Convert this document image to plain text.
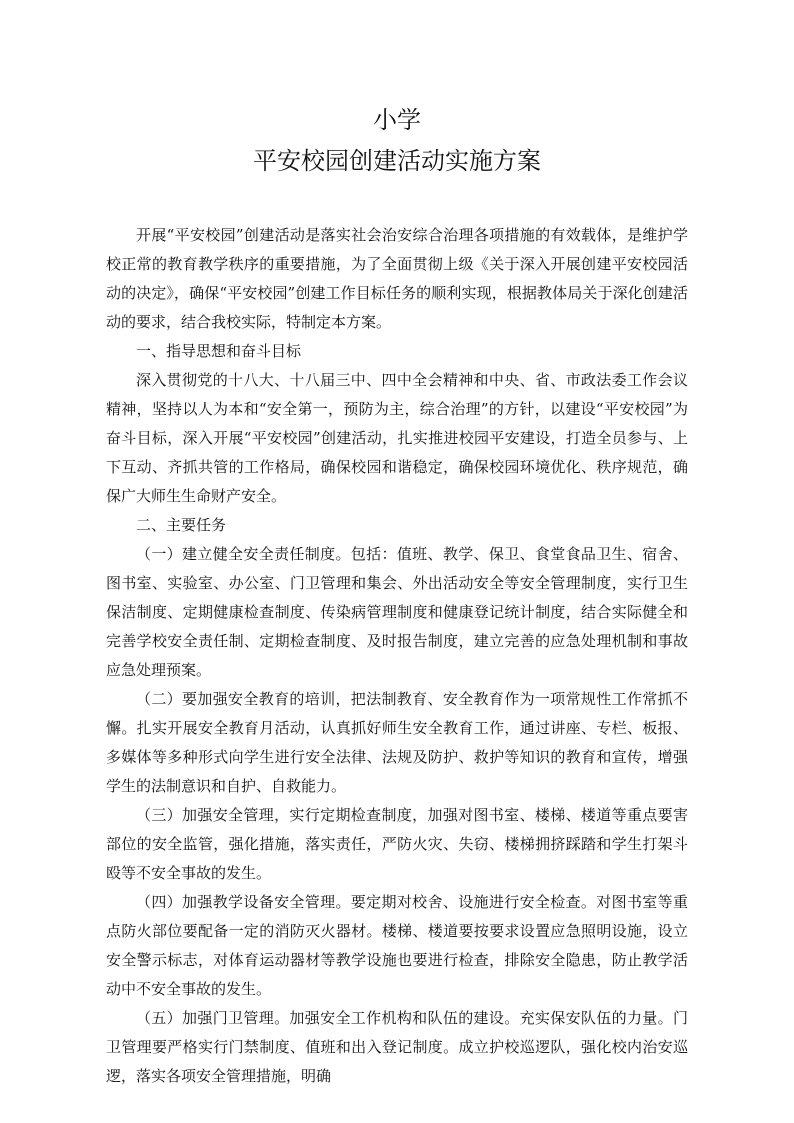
小学
平安校园创建活动实施方案

开展“平安校园”创建活动是落实社会治安综合治理各项措施的有效载体，是维护学校正常的教育教学秩序的重要措施，为了全面贯彻上级《关于深入开展创建平安校园活动的决定》，确保“平安校园”创建工作目标任务的顺利实现，根据教体局关于深化创建活动的要求，结合我校实际，特制定本方案。

一、指导思想和奋斗目标

深入贯彻党的十八大、十八届三中、四中全会精神和中央、省、市政法委工作会议精神，坚持以人为本和“安全第一，预防为主，综合治理”的方针，以建设“平安校园”为奋斗目标，深入开展“平安校园”创建活动，扎实推进校园平安建设，打造全员参与、上下互动、齐抓共管的工作格局，确保校园和谐稳定，确保校园环境优化、秩序规范，确保广大师生生命财产安全。

二、主要任务

（一）建立健全安全责任制度。包括：值班、教学、保卫、食堂食品卫生、宿舍、图书室、实验室、办公室、门卫管理和集会、外出活动安全等安全管理制度，实行卫生保洁制度、定期健康检查制度、传染病管理制度和健康登记统计制度，结合实际健全和完善学校安全责任制、定期检查制度、及时报告制度，建立完善的应急处理机制和事故应急处理预案。

（二）要加强安全教育的培训，把法制教育、安全教育作为一项常规性工作常抓不懈。扎实开展安全教育月活动，认真抓好师生安全教育工作，通过讲座、专栏、板报、多媒体等多种形式向学生进行安全法律、法规及防护、救护等知识的教育和宣传，增强学生的法制意识和自护、自救能力。

（三）加强安全管理，实行定期检查制度，加强对图书室、楼梯、楼道等重点要害部位的安全监管，强化措施，落实责任，严防火灾、失窃、楼梯拥挤踩踏和学生打架斗殴等不安全事故的发生。

（四）加强教学设备安全管理。要定期对校舍、设施进行安全检查。对图书室等重点防火部位要配备一定的消防灭火器材。楼梯、楼道要按要求设置应急照明设施，设立安全警示标志，对体育运动器材等教学设施也要进行检查，排除安全隐患，防止教学活动中不安全事故的发生。

（五）加强门卫管理。加强安全工作机构和队伍的建设。充实保安队伍的力量。门卫管理要严格实行门禁制度、值班和出入登记制度。成立护校巡逻队，强化校内治安巡逻，落实各项安全管理措施，明确
